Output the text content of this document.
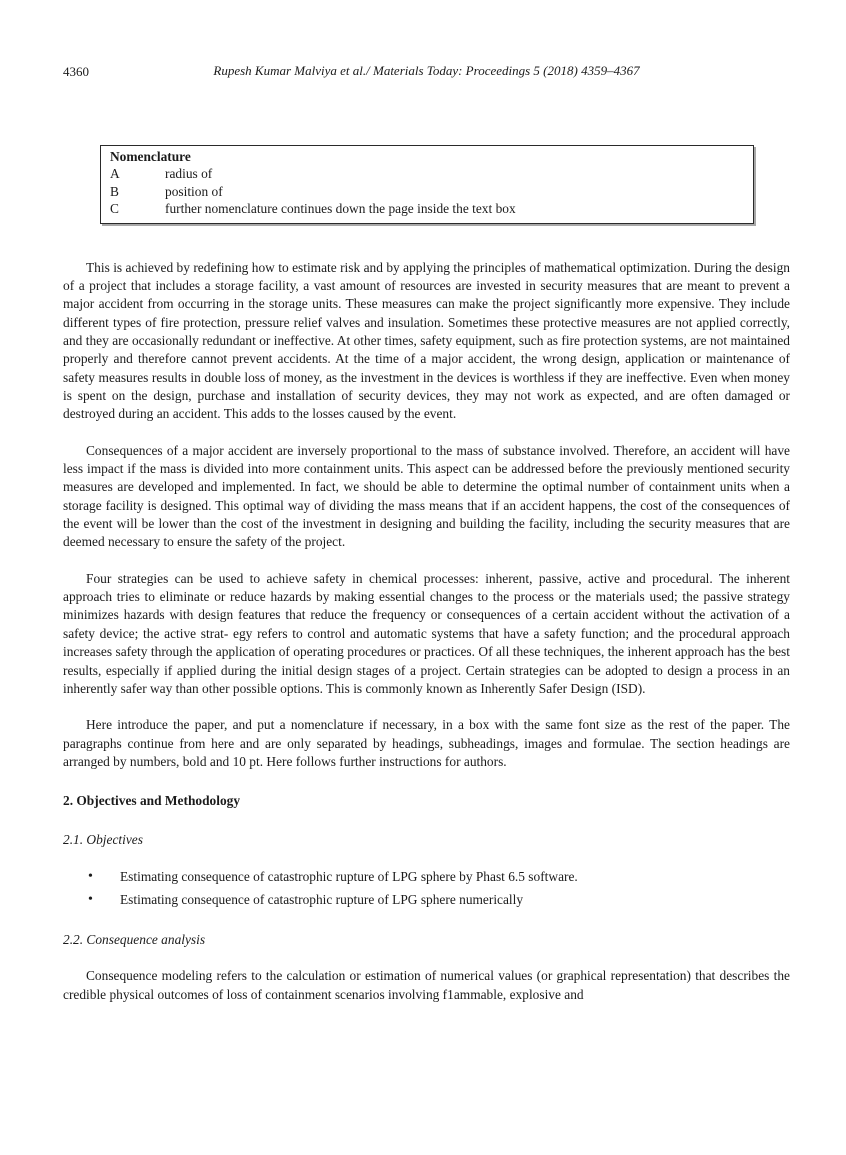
4360	Rupesh Kumar Malviya et al./ Materials Today: Proceedings 5 (2018) 4359–4367
Nomenclature
A	radius of
B	position of
C	further nomenclature continues down the page inside the text box

This is achieved by redefining how to estimate risk and by applying the principles of mathematical optimization. During the design of a project that includes a storage facility, a vast amount of resources are invested in security measures that are meant to prevent a major accident from occurring in the storage units. These measures can make the project significantly more expensive. They include different types of fire protection, pressure relief valves and insulation. Sometimes these protective measures are not applied correctly, and they are occasionally redundant or ineffective. At other times, safety equipment, such as fire protection systems, are not maintained properly and therefore cannot prevent accidents. At the time of a major accident, the wrong design, application or maintenance of safety measures results in double loss of money, as the investment in the devices is worthless if they are ineffective. Even when money is spent on the design, purchase and installation of security devices, they may not work as expected, and are often damaged or destroyed during an accident. This adds to the losses caused by the event.

Consequences of a major accident are inversely proportional to the mass of substance involved. Therefore, an accident will have less impact if the mass is divided into more containment units. This aspect can be addressed before the previously mentioned security measures are developed and implemented. In fact, we should be able to determine the optimal number of containment units when a storage facility is designed. This optimal way of dividing the mass means that if an accident happens, the cost of the consequences of the event will be lower than the cost of the investment in designing and building the facility, including the security measures that are deemed necessary to ensure the safety of the project.

Four strategies can be used to achieve safety in chemical processes: inherent, passive, active and procedural. The inherent approach tries to eliminate or reduce hazards by making essential changes to the process or the materials used; the passive strategy minimizes hazards with design features that reduce the frequency or consequences of a certain accident without the activation of a safety device; the active strat- egy refers to control and automatic systems that have a safety function; and the procedural approach increases safety through the application of operating procedures or practices. Of all these techniques, the inherent approach has the best results, especially if applied during the initial design stages of a project. Certain strategies can be adopted to design a process in an inherently safer way than other possible options. This is commonly known as Inherently Safer Design (ISD).

Here introduce the paper, and put a nomenclature if necessary, in a box with the same font size as the rest of the paper. The paragraphs continue from here and are only separated by headings, subheadings, images and formulae. The section headings are arranged by numbers, bold and 10 pt. Here follows further instructions for authors.

2. Objectives and Methodology
2.1. Objectives
•	Estimating consequence of catastrophic rupture of LPG sphere by Phast 6.5 software.
•	Estimating consequence of catastrophic rupture of LPG sphere numerically
2.2. Consequence analysis

Consequence modeling refers to the calculation or estimation of numerical values (or graphical representation) that describes the credible physical outcomes of loss of containment scenarios involving f1ammable, explosive and
